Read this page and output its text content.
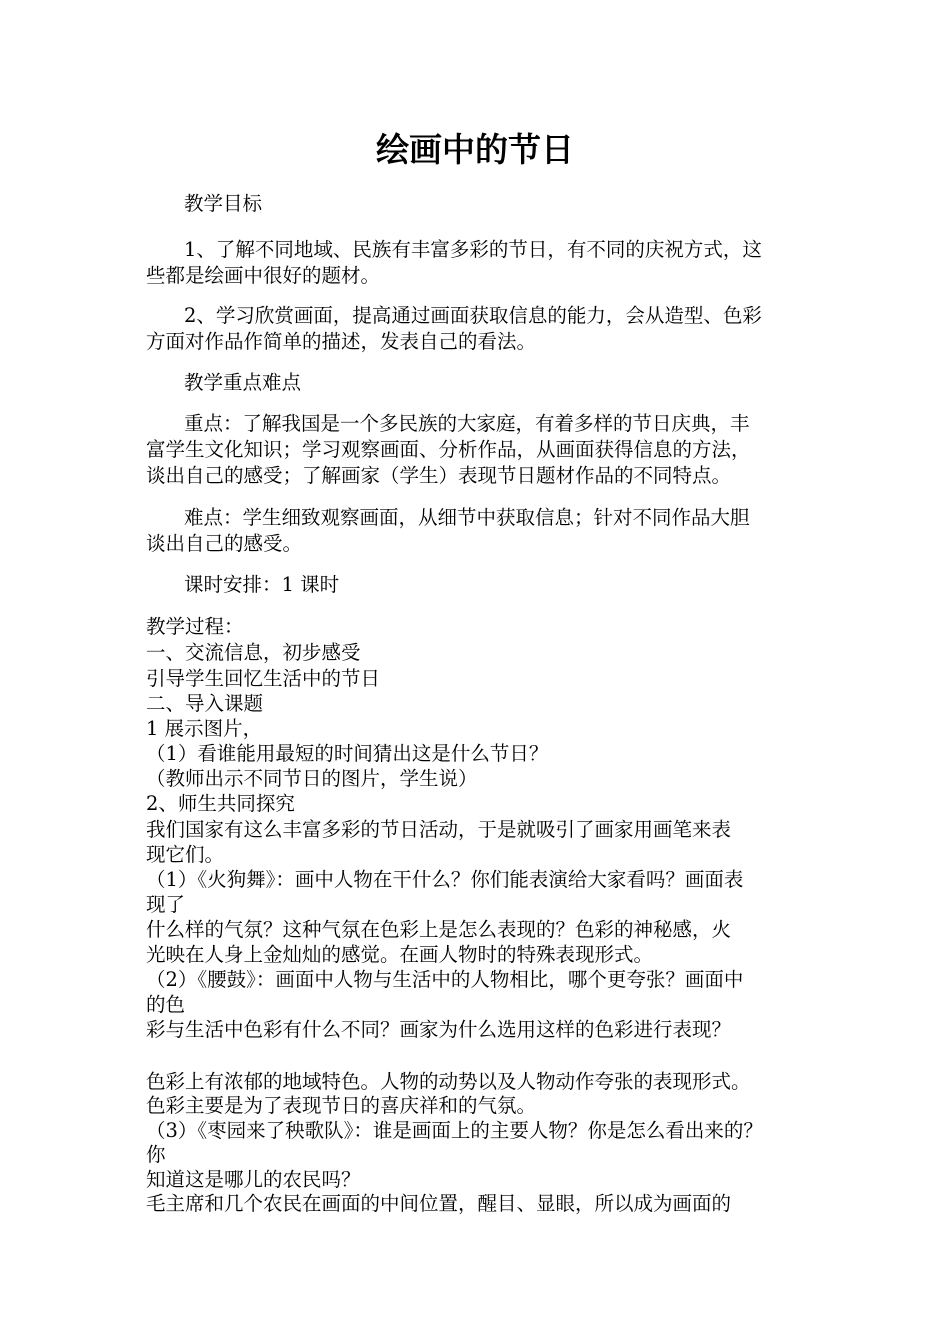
绘画中的节日
教学目标
1、了解不同地域、民族有丰富多彩的节日，有不同的庆祝方式，这
些都是绘画中很好的题材。
2、学习欣赏画面，提高通过画面获取信息的能力，会从造型、色彩
方面对作品作简单的描述，发表自己的看法。
教学重点难点
重点：了解我国是一个多民族的大家庭，有着多样的节日庆典，丰
富学生文化知识；学习观察画面、分析作品，从画面获得信息的方法，
谈出自己的感受；了解画家（学生）表现节日题材作品的不同特点。
难点：学生细致观察画面，从细节中获取信息；针对不同作品大胆
谈出自己的感受。
课时安排：1 课时
教学过程：
一、交流信息，初步感受
引导学生回忆生活中的节日
二、导入课题
1 展示图片，
（1）看谁能用最短的时间猜出这是什么节日？
（教师出示不同节日的图片，学生说）
2、师生共同探究
我们国家有这么丰富多彩的节日活动，于是就吸引了画家用画笔来表
现它们。
（1）《火狗舞》：画中人物在干什么？你们能表演给大家看吗？画面表
现了
什么样的气氛？这种气氛在色彩上是怎么表现的？色彩的神秘感，火
光映在人身上金灿灿的感觉。在画人物时的特殊表现形式。
（2）《腰鼓》：画面中人物与生活中的人物相比，哪个更夸张？画面中
的色
彩与生活中色彩有什么不同？画家为什么选用这样的色彩进行表现？
色彩上有浓郁的地域特色。人物的动势以及人物动作夸张的表现形式。
色彩主要是为了表现节日的喜庆祥和的气氛。
（3）《枣园来了秧歌队》：谁是画面上的主要人物？你是怎么看出来的？
你
知道这是哪儿的农民吗？
毛主席和几个农民在画面的中间位置，醒目、显眼，所以成为画面的
